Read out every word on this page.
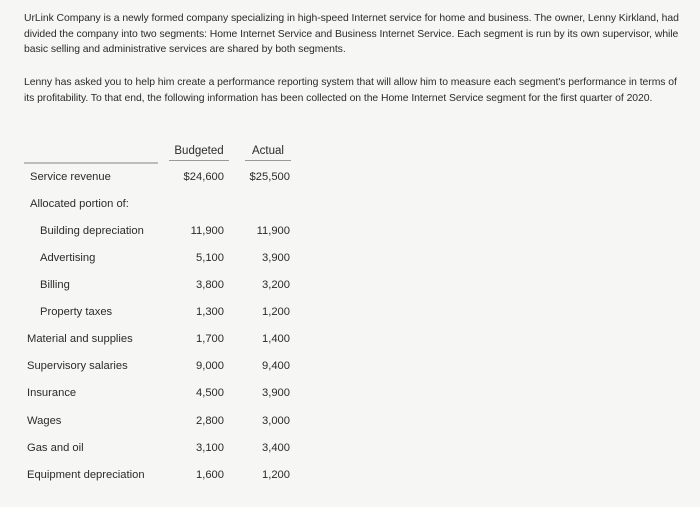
UrLink Company is a newly formed company specializing in high-speed Internet service for home and business. The owner, Lenny Kirkland, had divided the company into two segments: Home Internet Service and Business Internet Service. Each segment is run by its own supervisor, while basic selling and administrative services are shared by both segments.

Lenny has asked you to help him create a performance reporting system that will allow him to measure each segment's performance in terms of its profitability. To that end, the following information has been collected on the Home Internet Service segment for the first quarter of 2020.

Budgeted	Actual
Service revenue	$24,600 $25,500
Allocated portion of:
Building depreciation	11,900	11,900
Advertising	5,100	3,900
Billing	3,800	3,200
Property taxes	1,300	1,200
Material and supplies	1,700	1,400
Supervisory salaries	9,000	9,400
Insurance	4,500	3,900
Wages	2,800	3,000
Gas and oil	3,100	3,400
Equipment depreciation	1,600	1,200
